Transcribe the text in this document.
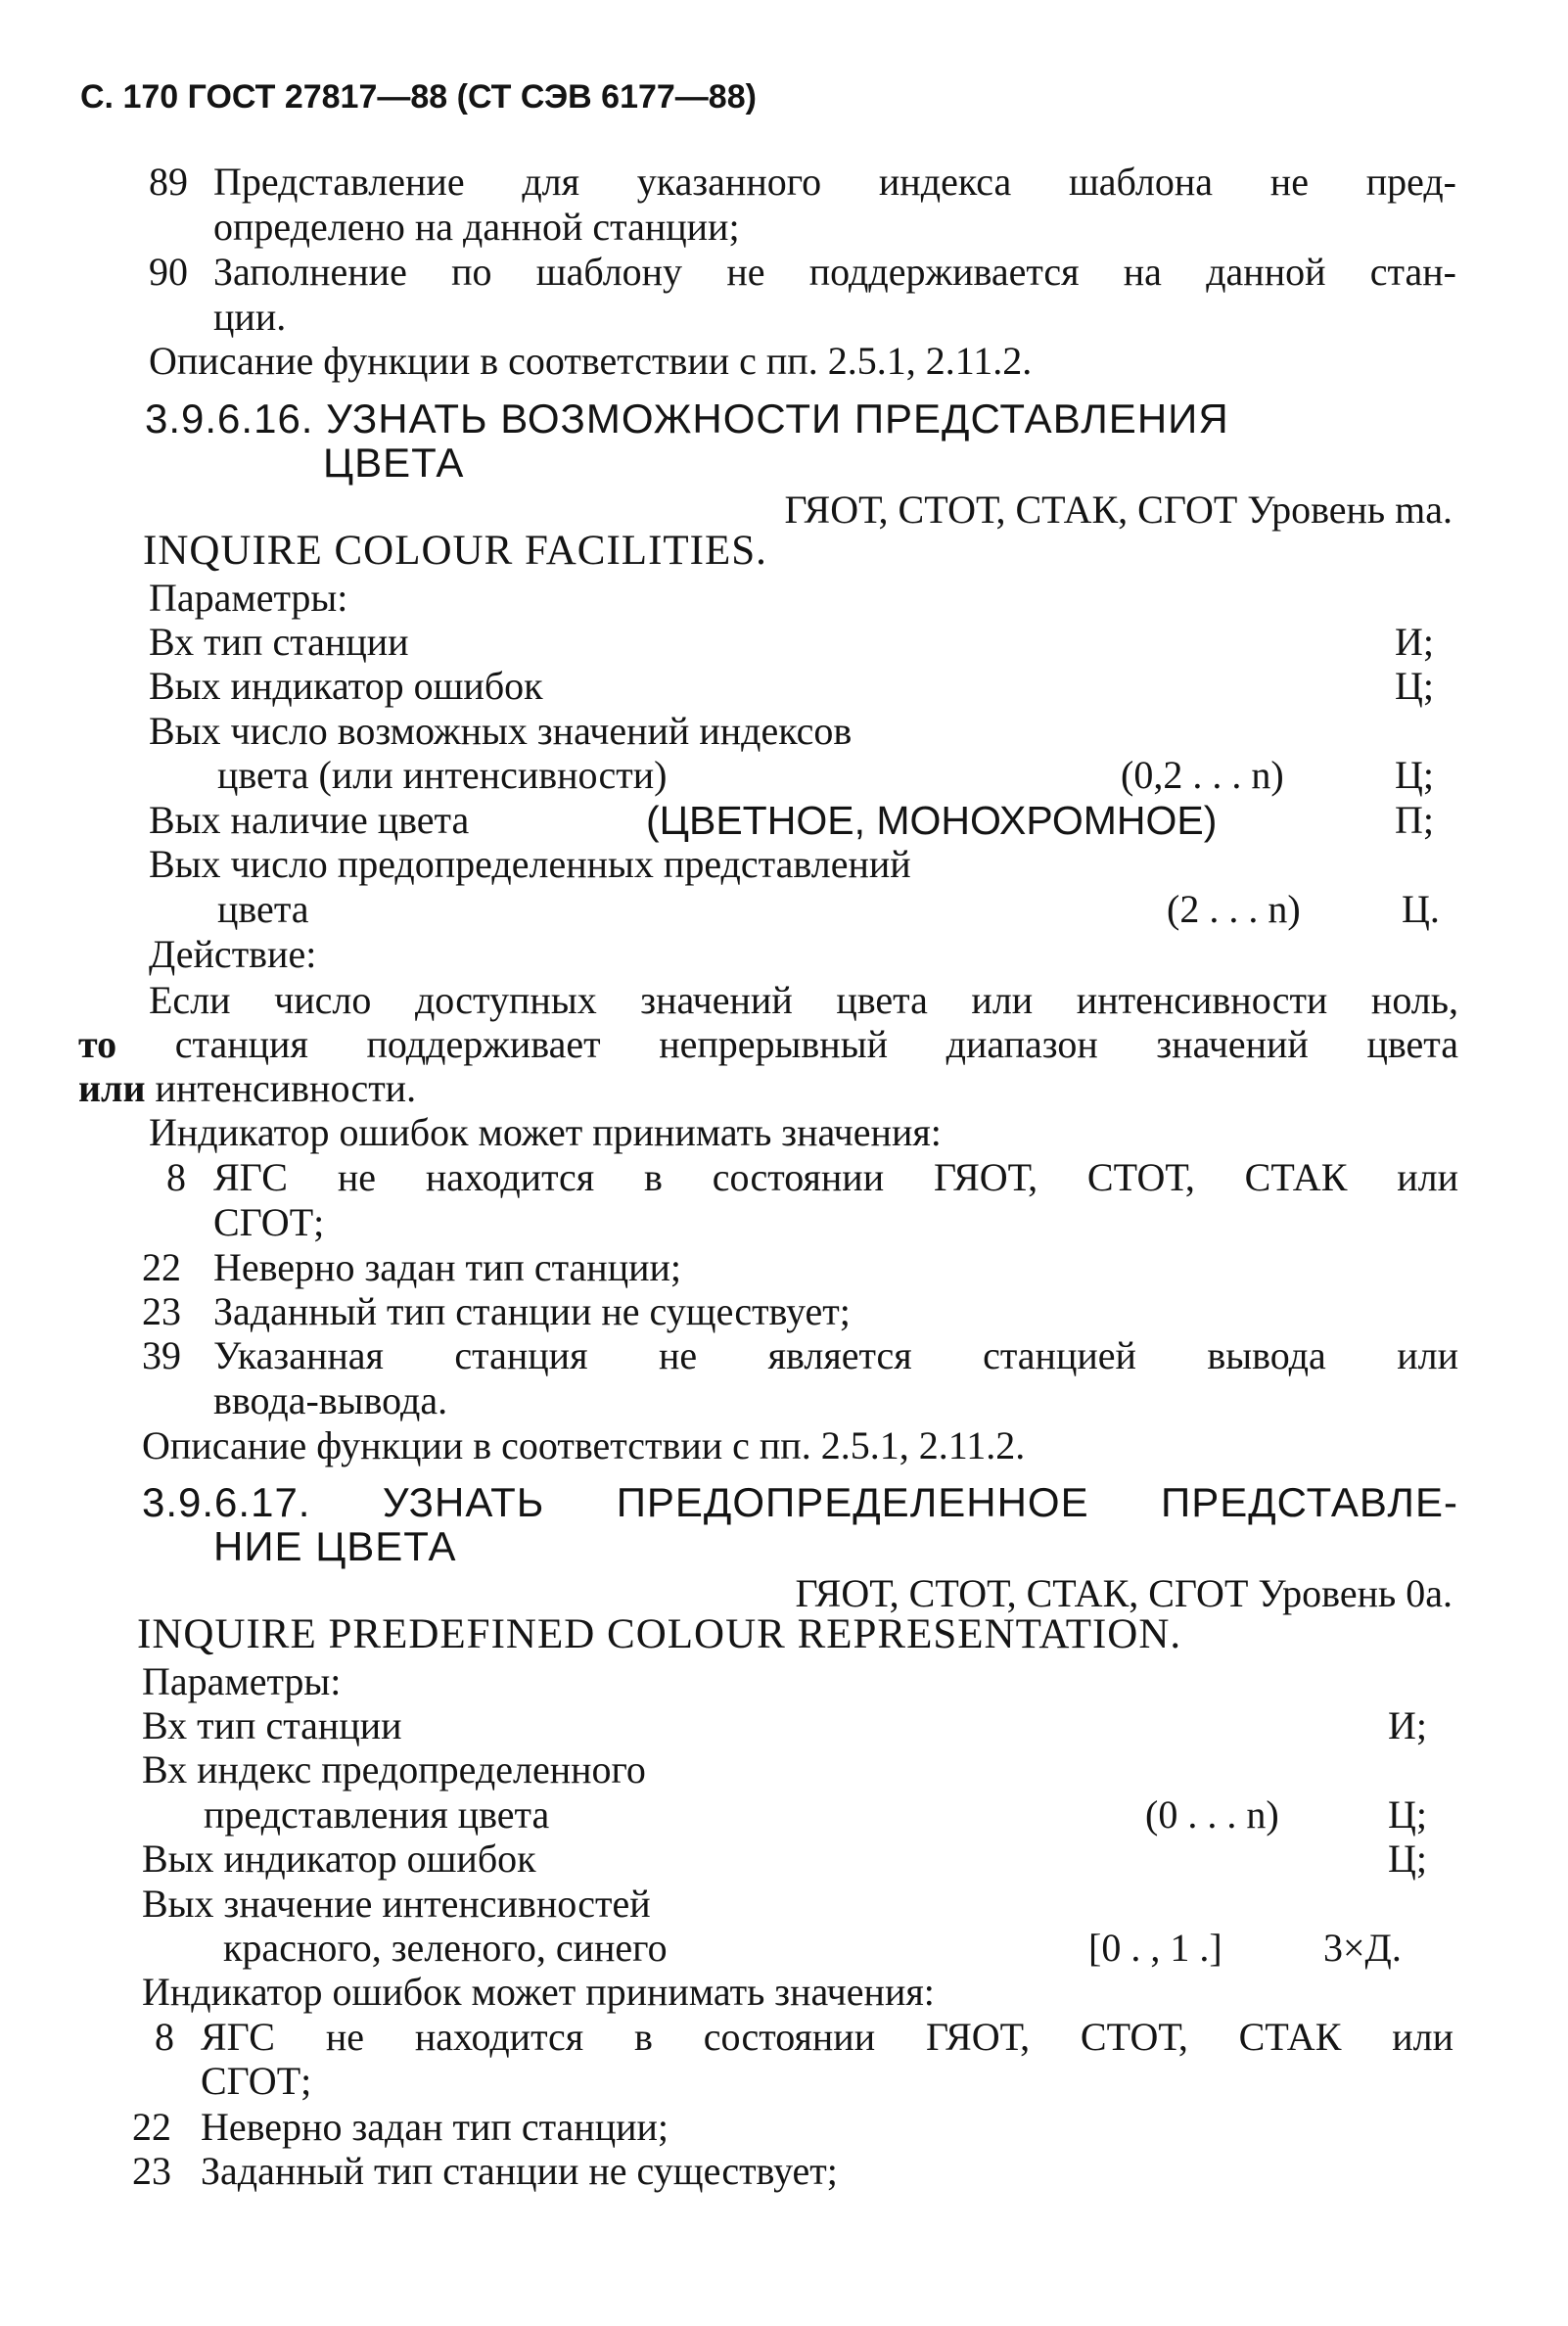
С. 170 ГОСТ 27817—88 (СТ СЭВ 6177—88)
89 Представление для указанного индекса шаблона не пред-
определено на данной станции;
90 Заполнение по шаблону не поддерживается на данной стан-
ции.
Описание функции в соответствии с пп. 2.5.1, 2.11.2.
3.9.6.16. УЗНАТЬ ВОЗМОЖНОСТИ ПРЕДСТАВЛЕНИЯ
ЦВЕТА
ГЯОТ, СТОТ, СТАК, СГОТ Уровень mа.
INQUIRE COLOUR FACILITIES.
Параметры:
Вх тип станции	И;
Вых индикатор ошибок	Ц;
Вых число возможных значений индексов
цвета (или интенсивности)	(0,2 . . . n)	Ц;
Вых наличие цвета	(ЦВЕТНОЕ, МОНОХРОМНОЕ)	П;
Вых число предопределенных представлений
цвета	(2 . . . n)	Ц.
Действие:
Если число доступных значений цвета или интенсивности ноль,
то станция поддерживает непрерывный диапазон значений цвета
или интенсивности.
Индикатор ошибок может принимать значения:
8 ЯГС не находится в состоянии ГЯОТ, СТОТ, СТАК или
СГОТ;
22 Неверно задан тип станции;
23 Заданный тип станции не существует;
39 Указанная станция не является станцией вывода или
ввода-вывода.
Описание функции в соответствии с пп. 2.5.1, 2.11.2.
3.9.6.17. УЗНАТЬ ПРЕДОПРЕДЕЛЕННОЕ ПРЕДСТАВЛЕ-
НИЕ ЦВЕТА
ГЯОТ, СТОТ, СТАК, СГОТ Уровень 0а.
INQUIRE PREDEFINED COLOUR REPRESENTATION.
Параметры:
Вх тип станции	И;
Вх индекс предопределенного
представления цвета	(0 . . . n)	Ц;
Вых индикатор ошибок	Ц;
Вых значение интенсивностей
красного, зеленого, синего	[0 . , 1 .]	3×Д.
Индикатор ошибок может принимать значения:
8 ЯГС не находится в состоянии ГЯОТ, СТОТ, СТАК или
СГОТ;
22 Неверно задан тип станции;
23 Заданный тип станции не существует;
